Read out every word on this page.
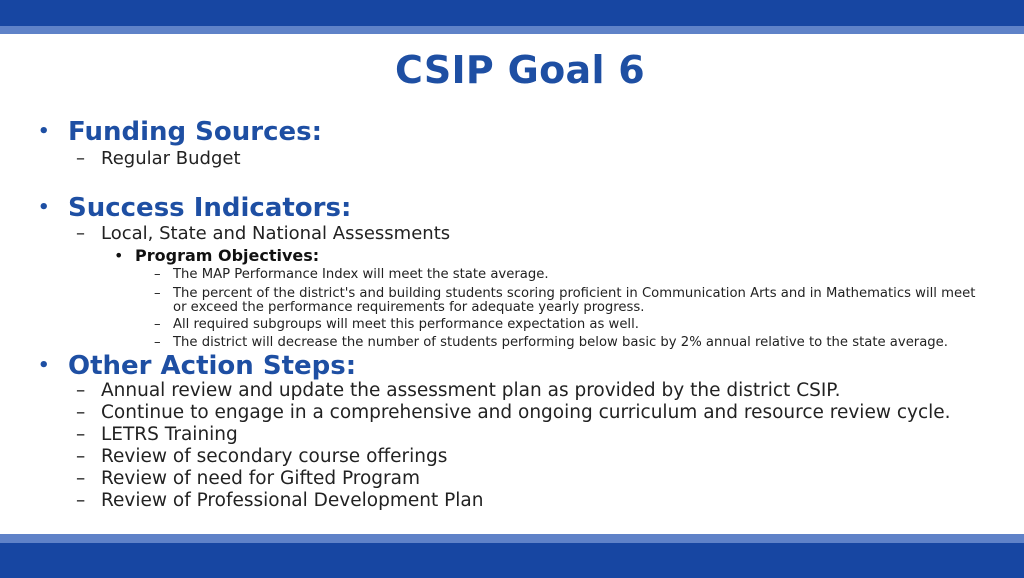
CSIP Goal 6
• Funding Sources:
– Regular Budget
• Success Indicators:
– Local, State and National Assessments
• Program Objectives:
– The MAP Performance Index will meet the state average.
– The percent of the district's and building students scoring proficient in Communication Arts and in Mathematics will meet or exceed the performance requirements for adequate yearly progress.
– All required subgroups will meet this performance expectation as well.
– The district will decrease the number of students performing below basic by 2% annual relative to the state average.
• Other Action Steps:
– Annual review and update the assessment plan as provided by the district CSIP.
– Continue to engage in a comprehensive and ongoing curriculum and resource review cycle.
– LETRS Training
– Review of secondary course offerings
– Review of need for Gifted Program
– Review of Professional Development Plan
